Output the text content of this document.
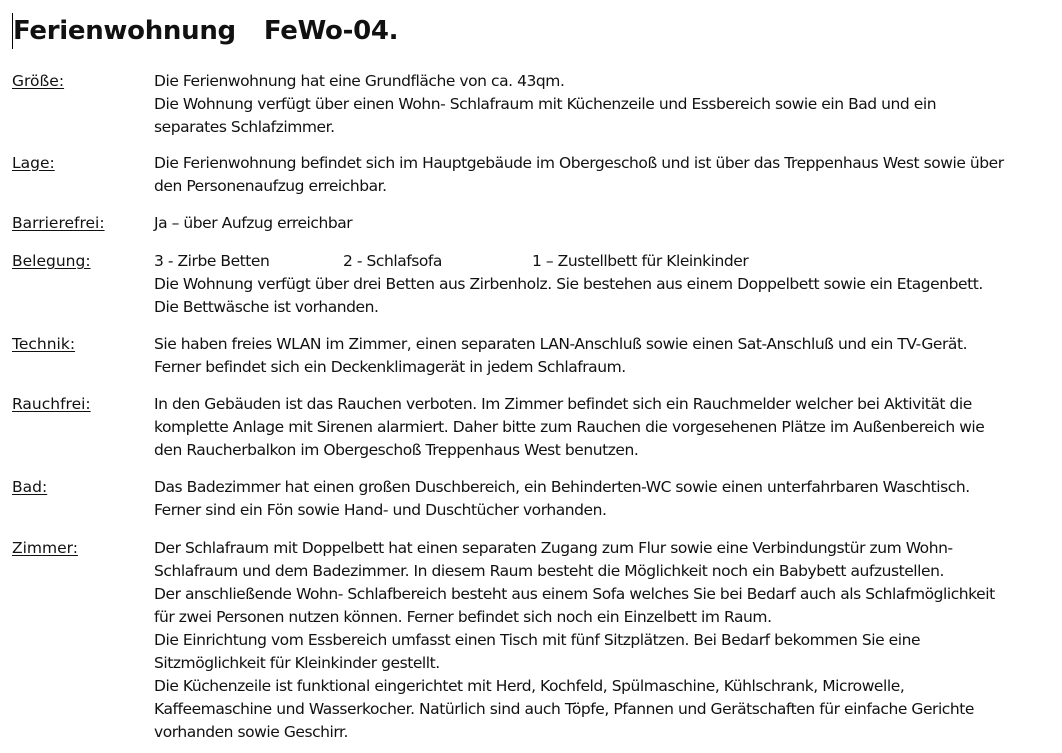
Ferienwohnung FeWo-04.
Größe:	Die Ferienwohnung hat eine Grundfläche von ca. 43qm.
Die Wohnung verfügt über einen Wohn- Schlafraum mit Küchenzeile und Essbereich sowie ein Bad und ein
separates Schlafzimmer.
Lage:	Die Ferienwohnung befindet sich im Hauptgebäude im Obergeschoß und ist über das Treppenhaus West sowie über
den Personenaufzug erreichbar.
Barrierefrei:	Ja – über Aufzug erreichbar
Belegung:	3 - Zirbe Betten	2 - Schlafsofa	1 – Zustellbett für Kleinkinder
Die Wohnung verfügt über drei Betten aus Zirbenholz. Sie bestehen aus einem Doppelbett sowie ein Etagenbett.
Die Bettwäsche ist vorhanden.
Technik:	Sie haben freies WLAN im Zimmer, einen separaten LAN-Anschluß sowie einen Sat-Anschluß und ein TV-Gerät.
Ferner befindet sich ein Deckenklimagerät in jedem Schlafraum.
Rauchfrei:	In den Gebäuden ist das Rauchen verboten. Im Zimmer befindet sich ein Rauchmelder welcher bei Aktivität die
komplette Anlage mit Sirenen alarmiert. Daher bitte zum Rauchen die vorgesehenen Plätze im Außenbereich wie
den Raucherbalkon im Obergeschoß Treppenhaus West benutzen.
Bad:	Das Badezimmer hat einen großen Duschbereich, ein Behinderten-WC sowie einen unterfahrbaren Waschtisch.
Ferner sind ein Fön sowie Hand- und Duschtücher vorhanden.
Zimmer:	Der Schlafraum mit Doppelbett hat einen separaten Zugang zum Flur sowie eine Verbindungstür zum Wohn-
Schlafraum und dem Badezimmer. In diesem Raum besteht die Möglichkeit noch ein Babybett aufzustellen.
Der anschließende Wohn- Schlafbereich besteht aus einem Sofa welches Sie bei Bedarf auch als Schlafmöglichkeit
für zwei Personen nutzen können. Ferner befindet sich noch ein Einzelbett im Raum.
Die Einrichtung vom Essbereich umfasst einen Tisch mit fünf Sitzplätzen. Bei Bedarf bekommen Sie eine
Sitzmöglichkeit für Kleinkinder gestellt.
Die Küchenzeile ist funktional eingerichtet mit Herd, Kochfeld, Spülmaschine, Kühlschrank, Microwelle,
Kaffeemaschine und Wasserkocher. Natürlich sind auch Töpfe, Pfannen und Gerätschaften für einfache Gerichte
vorhanden sowie Geschirr.
